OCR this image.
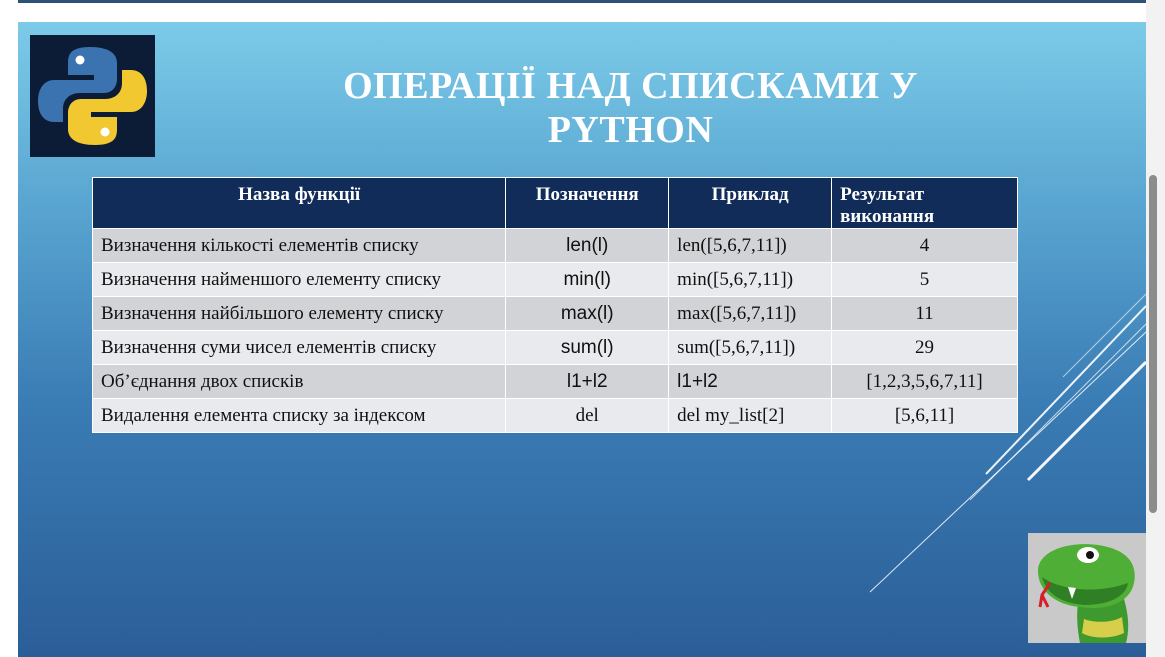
ОПЕРАЦІЇ НАД СПИСКАМИ У PYTHON
Назва функції	Позначення	Приклад	Результат виконання
Визначення кількості елементів списку	len(l)	len([5,6,7,11])	4
Визначення найменшого елементу списку	min(l)	min([5,6,7,11])	5
Визначення найбільшого елементу списку	max(l)	max([5,6,7,11])	11
Визначення суми чисел елементів списку	sum(l)	sum([5,6,7,11])	29
Об’єднання двох списків	l1+l2	l1+l2	[1,2,3,5,6,7,11]
Видалення елемента списку за індексом	del	del my_list[2]	[5,6,11]
